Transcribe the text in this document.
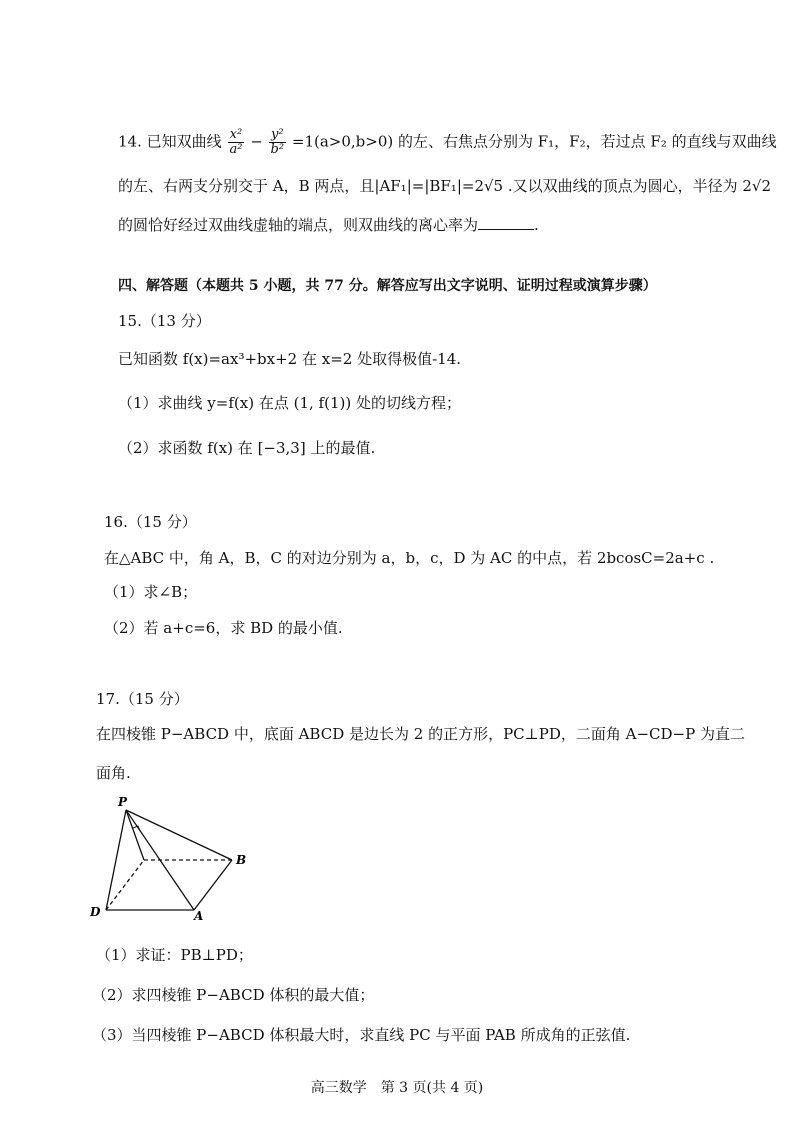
14. 已知双曲线 $\frac{\text{x²}}{\text{a²}} - \frac{\text{y²}}{\text{b²}} =1(a>0,b>0)$ 的左、右焦点分别为 F₁，F₂，若过点 F₂ 的直线与双曲线
的左、右两支分别交于 A，B 两点，且|AF₁|=|BF₁|=2√5 .又以双曲线的顶点为圆心，半径为 2√2
的圆恰好经过双曲线虚轴的端点，则双曲线的离心率为	.
四、解答题（本题共 5 小题，共 77 分。解答应写出文字说明、证明过程或演算步骤）
15.（13 分）
已知函数 f(x)=ax³+bx+2 在 x=2 处取得极值-14.
（1）求曲线 y=f(x) 在点 (1, f(1)) 处的切线方程；
（2）求函数 f(x) 在 [−3,3] 上的最值.
16.（15 分）
在△ABC 中，角 A，B，C 的对边分别为 a，b，c，D 为 AC 的中点，若 2bcosC=2a+c .
（1）求∠B；
（2）若 a+c=6，求 BD 的最小值.
17.（15 分）
在四棱锥 P−ABCD 中，底面 ABCD 是边长为 2 的正方形，PC⊥PD，二面角 A−CD−P 为直二
面角.
P
B
D	A
（1）求证：PB⊥PD；
（2）求四棱锥 P−ABCD 体积的最大值；
（3）当四棱锥 P−ABCD 体积最大时，求直线 PC 与平面 PAB 所成角的正弦值.
高三数学　第 3 页(共 4 页)
